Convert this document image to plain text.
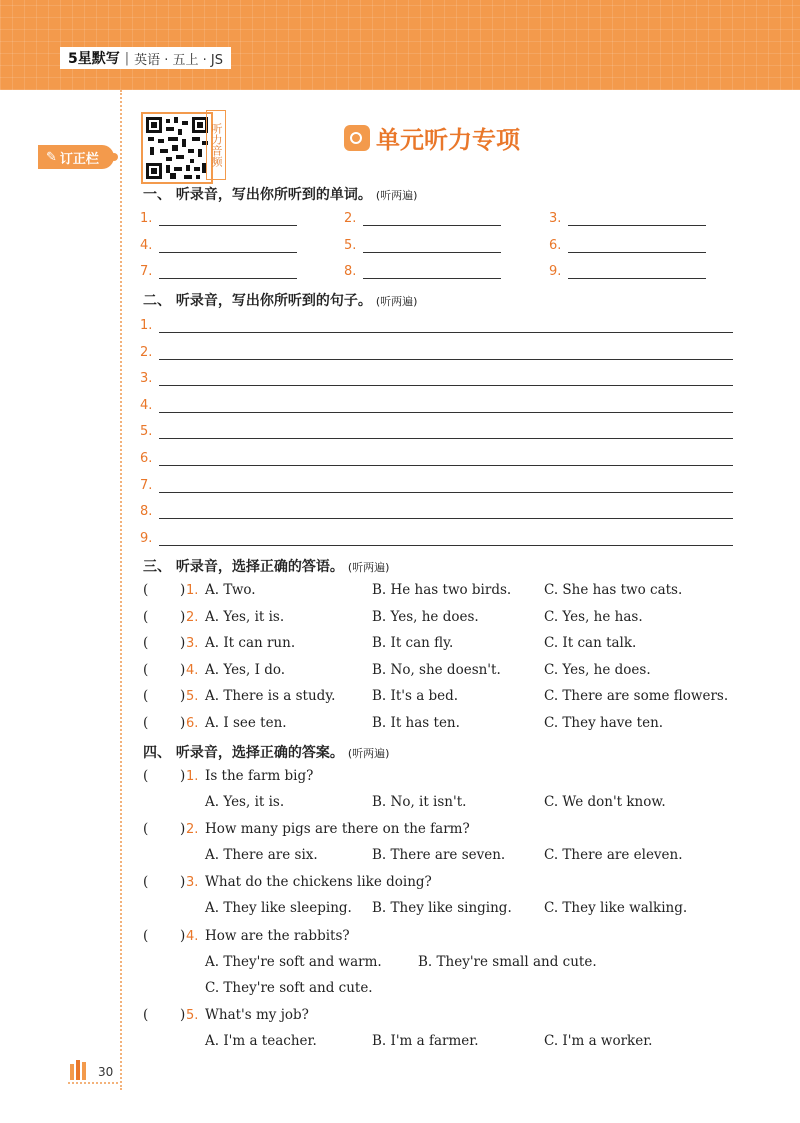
5星默写 | 英语 · 五上 · JS
✎ 订正栏	听力音频	单元听力专项
一、 听录音，写出你所听到的单词。 (听两遍)
二、 听录音，写出你所听到的句子。 (听两遍)
三、 听录音，选择正确的答语。 (听两遍)
四、 听录音，选择正确的答案。 (听两遍)
30
1.	2.	3.
4.	5.	6.
7.	8.	9.
1.
2.
3.
4.
5.
6.
7.
8.
9.
( ) 1. A. Two.	B. He has two birds. C. She has two cats.
( ) 2. A. Yes, it is.	B. Yes, he does.	C. Yes, he has.
( ) 3. A. It can run.	B. It can fly.	C. It can talk.
( ) 4. A. Yes, I do.	B. No, she doesn't.	C. Yes, he does.
( ) 5. A. There is a study.	B. It's a bed.	C. There are some flowers.
( ) 6. A. I see ten.	B. It has ten.	C. They have ten.
( ) 1. Is the farm big?
A. Yes, it is.	B. No, it isn't.	C. We don't know.
( ) 2. How many pigs are there on the farm?
A. There are six.	B. There are seven.	C. There are eleven.
( ) 3. What do the chickens like doing?
A. They like sleeping. B. They like singing. C. They like walking.
( ) 4. How are the rabbits?
A. They're soft and warm.	B. They're small and cute.
C. They're soft and cute.
( ) 5. What's my job?
A. I'm a teacher.	B. I'm a farmer.	C. I'm a worker.
